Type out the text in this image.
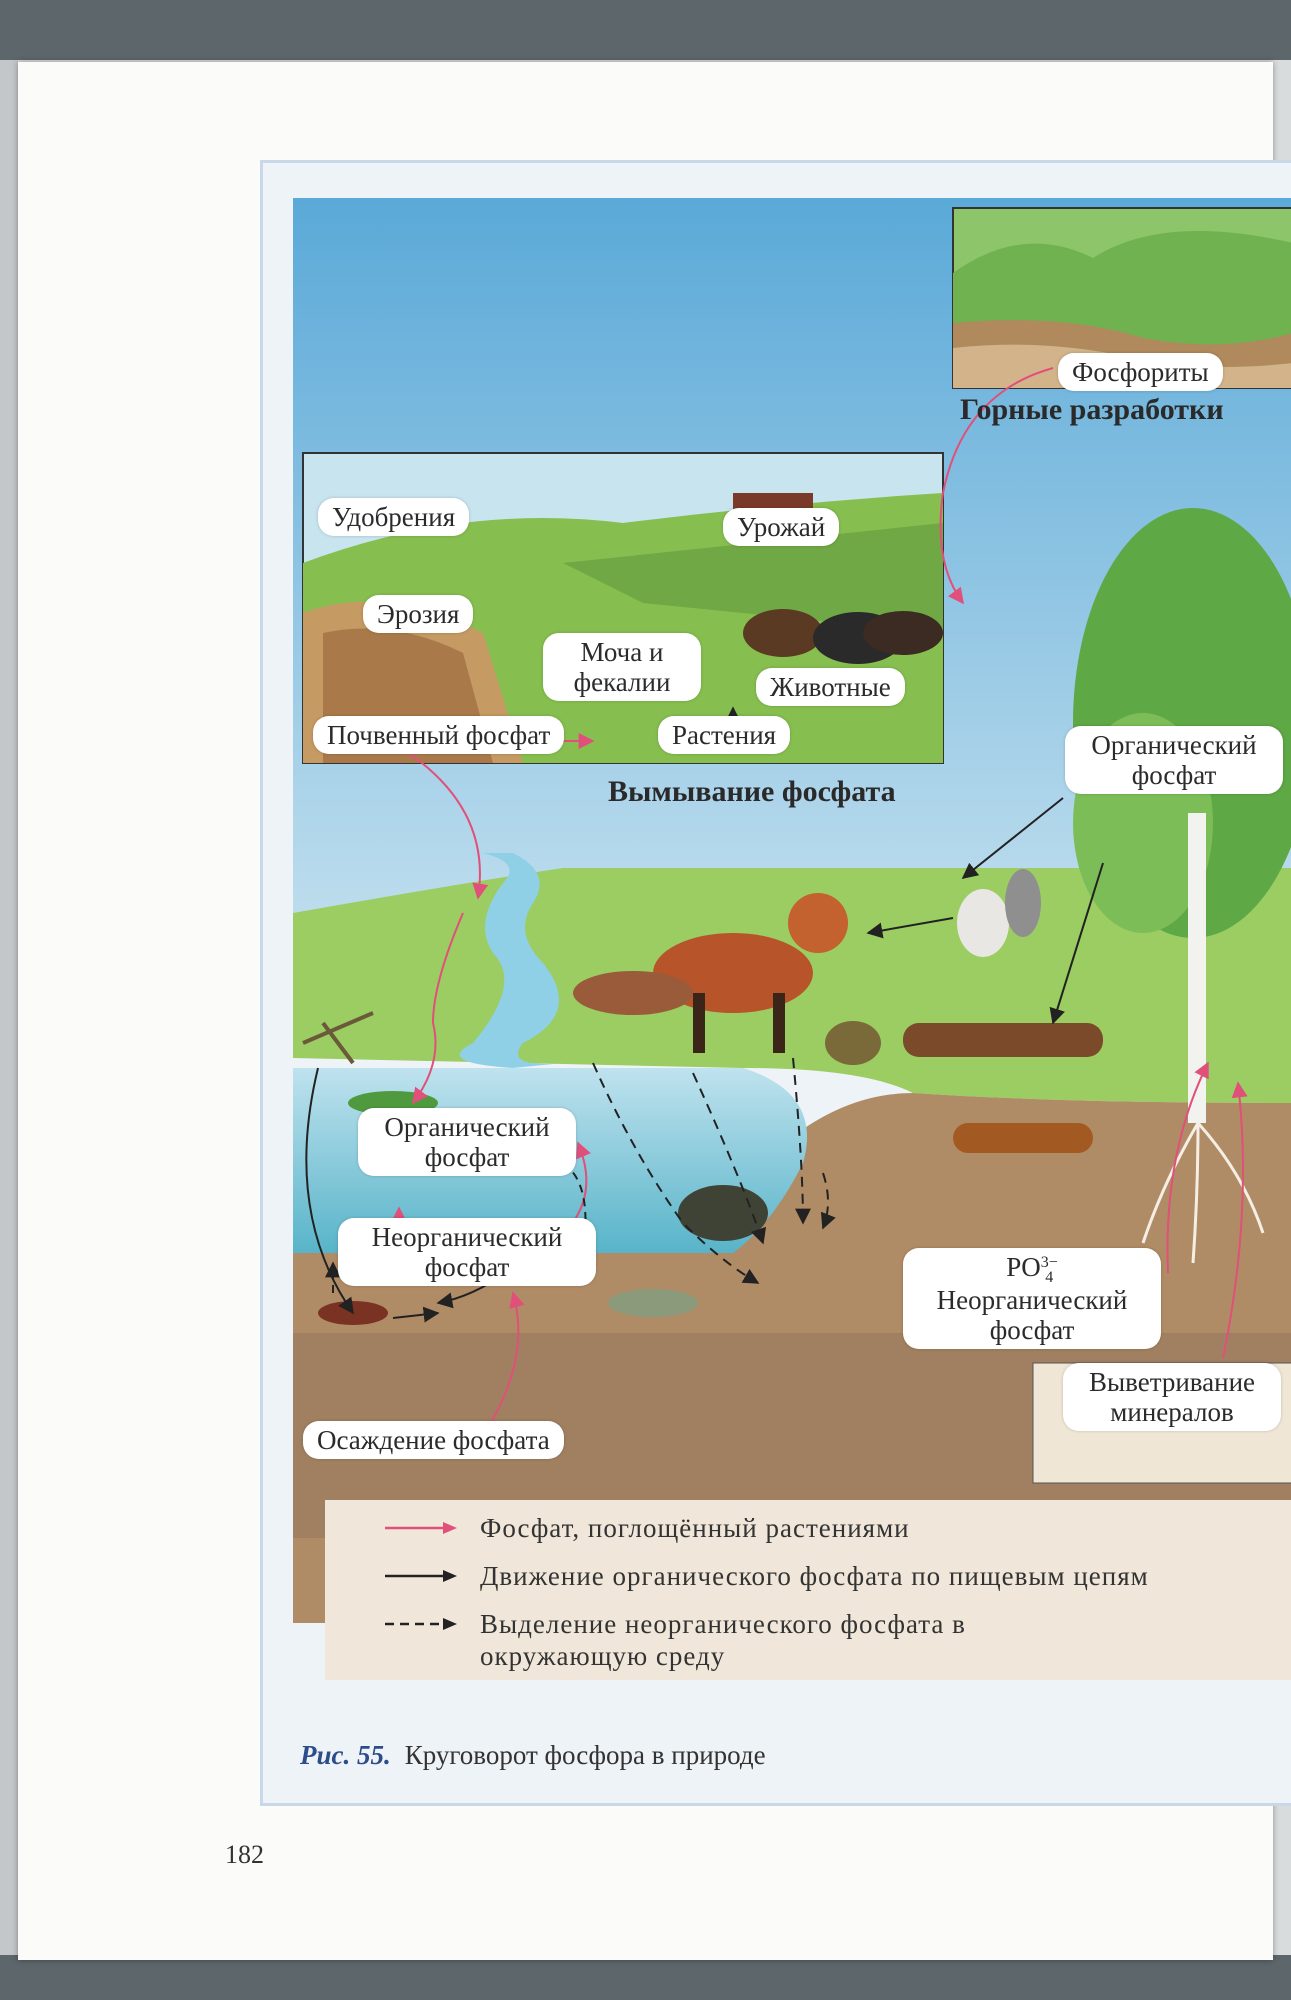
Фосфориты
Горные разработки
Удобрения	Урожай
Эрозия
Моча и фекалии	Животные
Почвенный фосфат	Растения
Вымывание фосфата
Органический фосфат
Органический фосфат
Неорганический фосфат
Осаждение фосфата
PO 3−
4
Неорганический фосфат
Выветривание минералов
Фосфат, поглощённый растениями
Движение органического фосфата по пищевым цепям
Выделение неорганического фосфата в окружающую среду
Рис. 55. Круговорот фосфора в природе
182
